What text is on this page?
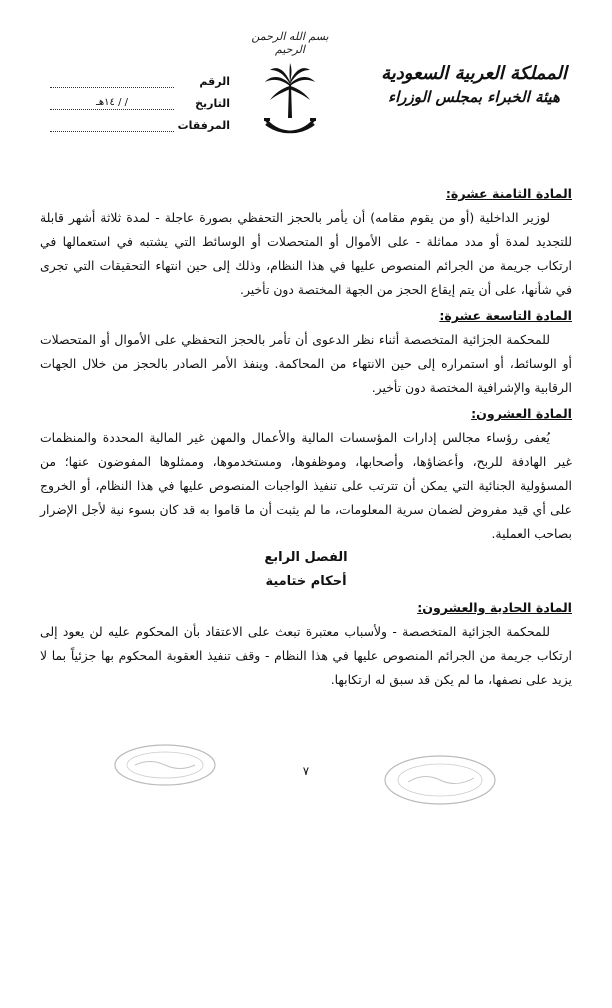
بسم الله الرحمن الرحيم
المملكة العربية السعودية
هيئة الخبراء بمجلس الوزراء
الرقم
التاريخ
/ / ١٤هـ
المرفقات
المادة الثامنة عشرة:

لوزير الداخلية (أو من يقوم مقامه) أن يأمر بالحجز التحفظي بصورة عاجلة - لمدة ثلاثة أشهر قابلة للتجديد لمدة أو مدد مماثلة - على الأموال أو المتحصلات أو الوسائط التي يشتبه في استعمالها في ارتكاب جريمة من الجرائم المنصوص عليها في هذا النظام، وذلك إلى حين انتهاء التحقيقات التي تجرى في شأنها، على أن يتم إيقاع الحجز من الجهة المختصة دون تأخير.

المادة التاسعة عشرة:

للمحكمة الجزائية المتخصصة أثناء نظر الدعوى أن تأمر بالحجز التحفظي على الأموال أو المتحصلات أو الوسائط، أو استمراره إلى حين الانتهاء من المحاكمة. وينفذ الأمر الصادر بالحجز من خلال الجهات الرقابية والإشرافية المختصة دون تأخير.

المادة العشرون:

يُعفى رؤساء مجالس إدارات المؤسسات المالية والأعمال والمهن غير المالية المحددة والمنظمات غير الهادفة للربح، وأعضاؤها، وأصحابها، وموظفوها، ومستخدموها، وممثلوها المفوضون عنها؛ من المسؤولية الجنائية التي يمكن أن تترتب على تنفيذ الواجبات المنصوص عليها في هذا النظام، أو الخروج على أي قيد مفروض لضمان سرية المعلومات، ما لم يثبت أن ما قاموا به قد كان بسوء نية لأجل الإضرار بصاحب العملية.

الفصل الرابع
أحكام ختامية
المادة الحادية والعشرون:

للمحكمة الجزائية المتخصصة - ولأسباب معتبرة تبعث على الاعتقاد بأن المحكوم عليه لن يعود إلى ارتكاب جريمة من الجرائم المنصوص عليها في هذا النظام - وقف تنفيذ العقوبة المحكوم بها جزئياً بما لا يزيد على نصفها، ما لم يكن قد سبق له ارتكابها.

٧
